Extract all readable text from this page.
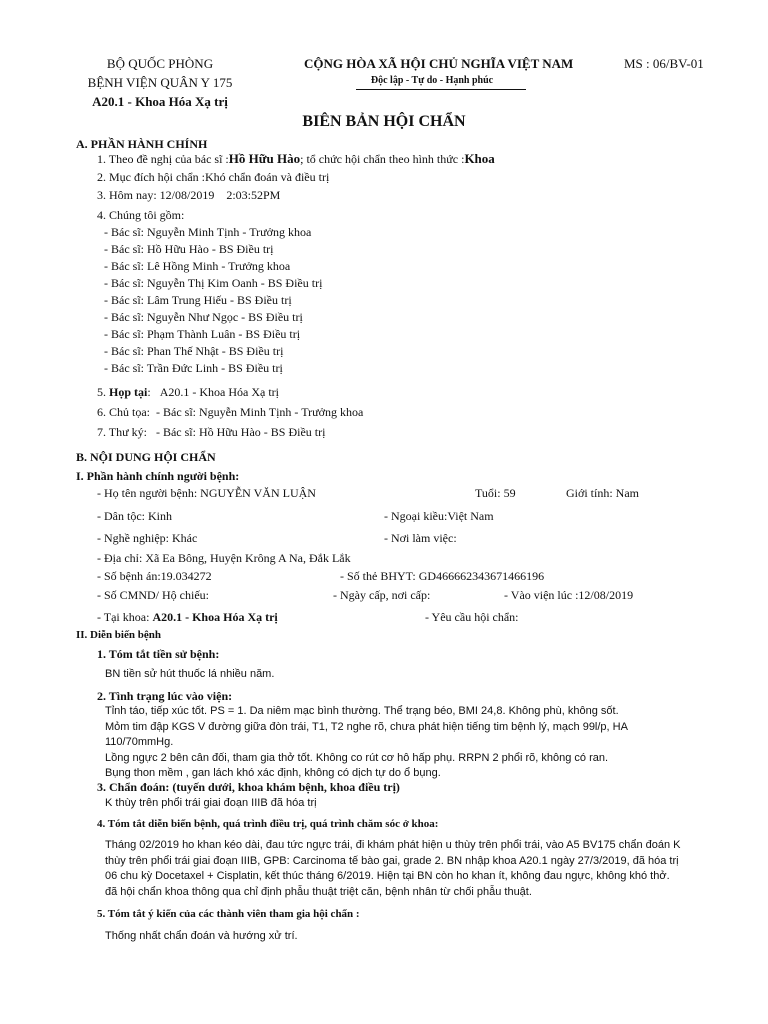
BỘ QUỐC PHÒNG
BỆNH VIỆN QUÂN Y 175
A20.1 - Khoa Hóa Xạ trị
CỘNG HÒA XÃ HỘI CHỦ NGHĨA VIỆT NAM
Độc lập - Tự do - Hạnh phúc
MS : 06/BV-01
BIÊN BẢN HỘI CHẨN
A. PHẦN HÀNH CHÍNH
1. Theo đề nghị của bác sĩ :Hồ Hữu Hào; tổ chức hội chẩn theo hình thức :Khoa
2. Mục đích hội chẩn :Khó chẩn đoán và điều trị
3. Hôm nay: 12/08/2019    2:03:52PM
4. Chúng tôi gồm:
- Bác sĩ: Nguyễn Minh Tịnh - Trưởng khoa
- Bác sĩ: Hồ Hữu Hào - BS Điều trị
- Bác sĩ: Lê Hồng Minh - Trưởng khoa
- Bác sĩ: Nguyễn Thị Kim Oanh - BS Điều trị
- Bác sĩ: Lâm Trung Hiếu - BS Điều trị
- Bác sĩ: Nguyễn Như Ngọc - BS Điều trị
- Bác sĩ: Phạm Thành Luân - BS Điều trị
- Bác sĩ: Phan Thế Nhật - BS Điều trị
- Bác sĩ: Trần Đức Linh - BS Điều trị
5. Họp tại:   A20.1 - Khoa Hóa Xạ trị
6. Chủ tọa:  - Bác sĩ: Nguyễn Minh Tịnh - Trưởng khoa
7. Thư ký:   - Bác sĩ: Hồ Hữu Hào - BS Điều trị
B. NỘI DUNG HỘI CHẨN
I. Phần hành chính người bệnh:
- Họ tên người bệnh: NGUYỄN VĂN LUẬN	Tuổi: 59	Giới tính: Nam
- Dân tộc: Kinh	- Ngoại kiều:Việt Nam
- Nghề nghiệp: Khác	- Nơi làm việc:
- Địa chỉ: Xã Ea Bông, Huyện Krông A Na, Đắk Lắk
- Số bệnh án:19.034272	- Số thẻ BHYT: GD466662343671466196
- Số CMND/ Hộ chiếu:	- Ngày cấp, nơi cấp:	- Vào viện lúc :12/08/2019
- Tại khoa: A20.1 - Khoa Hóa Xạ trị	- Yêu cầu hội chẩn:
II. Diễn biến bệnh
1. Tóm tắt tiền sử bệnh:
BN tiền sử hút thuốc lá nhiều năm.
2. Tình trạng lúc vào viện:
Tỉnh táo, tiếp xúc tốt. PS = 1. Da niêm mạc bình thường. Thể trạng béo, BMI 24,8. Không phù, không sốt.
Mỏm tim đập KGS V đường giữa đòn trái, T1, T2 nghe rõ, chưa phát hiện tiếng tim bệnh lý, mạch 99l/p, HA 110/70mmHg.
Lồng ngực 2 bên cân đối, tham gia thở tốt. Không co rút cơ hô hấp phụ. RRPN 2 phổi rõ, không có ran.
Bụng thon mềm , gan lách khó xác định, không có dịch tự do ổ bụng.
3. Chẩn đoán: (tuyến dưới, khoa khám bệnh, khoa điều trị)
K thùy trên phổi trái giai đoạn IIIB đã hóa trị
4. Tóm tắt diễn biến bệnh, quá trình điều trị, quá trình chăm sóc ở khoa:
Tháng 02/2019 ho khan kéo dài, đau tức ngực trái, đi khám phát hiện u thùy trên phổi trái, vào A5 BV175 chẩn đoán K thùy trên phổi trái giai đoạn IIIB, GPB: Carcinoma tế bào gai, grade 2. BN nhập khoa A20.1 ngày 27/3/2019, đã hóa trị 06 chu kỳ Docetaxel + Cisplatin, kết thúc tháng 6/2019. Hiện tại BN còn ho khan ít, không đau ngực, không khó thở. đã hội chẩn khoa thông qua chỉ định phẫu thuật triệt căn, bệnh nhân từ chối phẫu thuật.
5. Tóm tắt ý kiến của các thành viên tham gia hội chẩn :
Thống nhất chẩn đoán và hướng xử trí.
